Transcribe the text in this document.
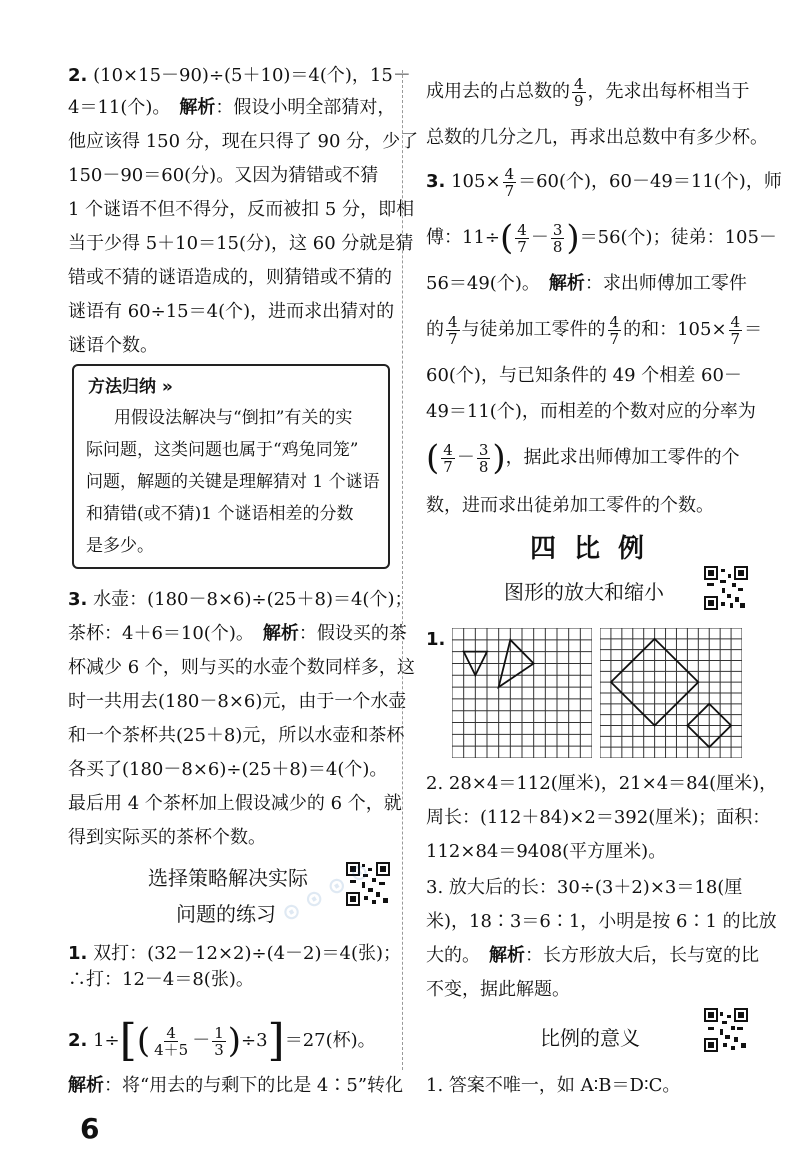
2. (10×15－90)÷(5＋10)＝4(个)，15－
4＝11(个)。　解析：假设小明全部猜对，
他应该得 150 分，现在只得了 90 分，少了
150－90＝60(分)。又因为猜错或不猜
1 个谜语不但不得分，反而被扣 5 分，即相
当于少得 5＋10＝15(分)，这 60 分就是猜
错或不猜的谜语造成的，则猜错或不猜的
谜语有 60÷15＝4(个)，进而求出猜对的
谜语个数。
方法归纳 »
用假设法解决与“倒扣”有关的实
际问题，这类问题也属于“鸡兔同笼”
问题，解题的关键是理解猜对 1 个谜语
和猜错(或不猜)1 个谜语相差的分数
是多少。
3. 水壶：(180－8×6)÷(25＋8)＝4(个)；
茶杯：4＋6＝10(个)。　解析：假设买的茶
杯减少 6 个，则与买的水壶个数同样多，这
时一共用去(180－8×6)元，由于一个水壶
和一个茶杯共(25＋8)元，所以水壶和茶杯
各买了(180－8×6)÷(25＋8)＝4(个)。
最后用 4 个茶杯加上假设减少的 6 个，就
得到实际买的茶杯个数。
选择策略解决实际
问题的练习
1. 双打：(32－12×2)÷(4－2)＝4(张)；
∴打：12－4＝8(张)。
2.
1÷ [ ( $\frac{4}{4+5} - \frac{1}{3}$ ) ÷3 ] ＝27(杯)。
解析：将“用去的与剩下的比是 4∶5”转化
⊙ ⊙ ⊙ ⊙
6
成用去的占总数的 $\frac{4}{9}$ ，先求出每杯相当于
总数的几分之几，再求出总数中有多少杯。
3.
$105\times \frac{4}{7} =60$(个)，60－49＝11(个)，师
傅：11÷ ( $\frac{4}{7} - \frac{3}{8}$ ) ＝56(个)；徒弟：105－
56＝49(个)。　解析：求出师傅加工零件
的 $\frac{4}{7}$ 与徒弟加工零件的 $\frac{4}{7}$ 的和：$105\times \frac{4}{7}$ ＝
60(个)，与已知条件的 49 个相差 60－
49＝11(个)，而相差的个数对应的分率为
( $\frac{4}{7} - \frac{3}{8}$ ) ，据此求出师傅加工零件的个
数，进而求出徒弟加工零件的个数。
四比例
图形的放大和缩小
1.
2. 28×4＝112(厘米)，21×4＝84(厘米)，
周长：(112＋84)×2＝392(厘米)；面积：
112×84＝9408(平方厘米)。
3. 放大后的长：30÷(3＋2)×3＝18(厘
米)，18∶3＝6∶1，小明是按 6∶1 的比放
大的。　解析：长方形放大后，长与宽的比
不变，据此解题。
比例的意义
1. 答案不唯一，如 A∶B＝D∶C。
